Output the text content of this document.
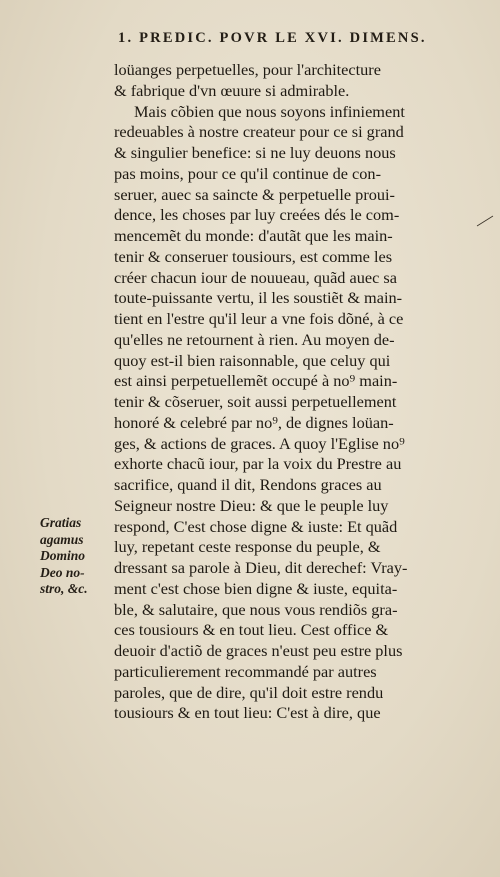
1. PREDIC. POVR LE XVI. DIMENS.
loüanges perpetuelles, pour l'architecture
& fabrique d'vn œuure si admirable.
Mais cõbien que nous soyons infiniement
redeuables à nostre createur pour ce si grand
& singulier benefice: si ne luy deuons nous
pas moins, pour ce qu'il continue de con-
seruer, auec sa saincte & perpetuelle prouі-
dence, les choses par luy creées dés le com-
mencemẽt du monde: d'autãt que les main-
tenir & conseruer tousiours, est comme les
créer chacun iour de nouueau, quãd auec sa
toute-puissante vertu, il les soustiẽt & main-
tient en l'estre qu'il leur a vne fois dõné, à ce
qu'elles ne retournent à rien. Au moyen de-
quoy est-il bien raisonnable, que celuy qui
est ainsi perpetuellemẽt occupé à no⁹ main-
tenir & cõseruer, soit aussi perpetuellement
honoré & celebré par no⁹, de dignes loüan-
ges, & actions de graces. A quoy l'Eglise no⁹
exhorte chacũ iour, par la voix du Prestre au
sacrifice, quand il dit, Rendons graces au
Seigneur nostre Dieu: & que le peuple luy
respond, C'est chose digne & iuste: Et quãd
luy, repetant ceste response du peuple, &
dressant sa parole à Dieu, dit derechef: Vray-
ment c'est chose bien digne & iuste, equita-
ble, & salutaire, que nous vous rendiõs gra-
ces tousiours & en tout lieu. Cest office &
deuoir d'actiõ de graces n'eust peu estre plus
particulierement recommandé par autres
paroles, que de dire, qu'il doit estre rendu
tousiours & en tout lieu: C'est à dire, que
Gratias
agamus
Domino
Deo no-
stro, &c.
